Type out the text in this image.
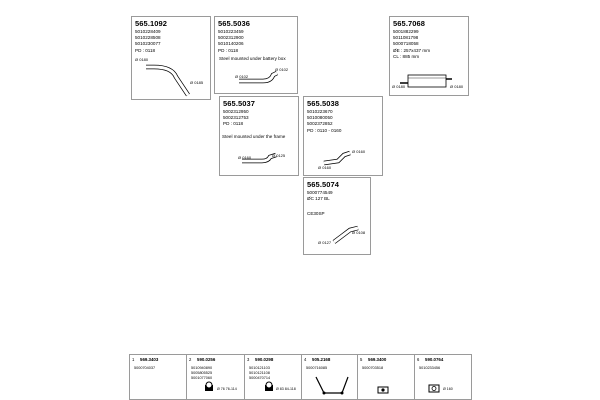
565.1092
5010228409
5010228508
5010230077
PD : 0118
Ø 0180
Ø 0185
565.5036
5010223459
5002312900
5010140206
PD : 0118
Steel mounted under battery box
Ø 0102
Ø 0102
565.7068
5001882299
5011081798
5000718058
ØE : 257x437 mm
CL : 885 mm
Ø 0180	Ø 0180
565.5037
5002312950
5002312753
PD : 0118
Steel mounted under the frame
Ø 0160	Ø 0125
565.5038
5010223670
5010080050
5002372852
PD : 0110 - 0160
Ø 0160
Ø 0160
565.5074
5000774549
ØC 127 BL
CE30SP
Ø 0108
Ø 0127
1 569.3403
5000704037
2 590.0256
5010940890
5005805525
5001077060
Ø 76 76-114
3 590.0298
5010121103
5010121108
5000470714
Ø 83 84-118
4 505.2168
5000716085
5 569.3400
5000703518
6 590.0764
5010233456
Ø 160
